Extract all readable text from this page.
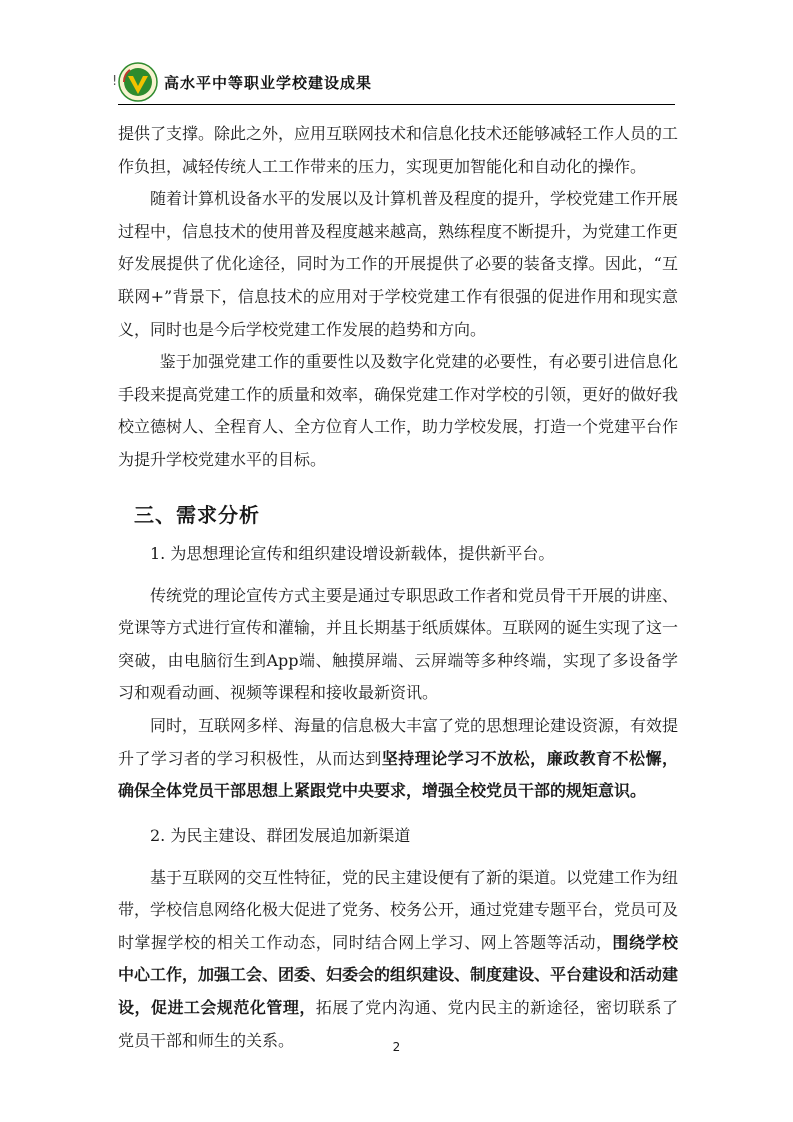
!	高水平中等职业学校建设成果

提供了支撑。除此之外，应用互联网技术和信息化技术还能够减轻工作人员的工作负担，减轻传统人工工作带来的压力，实现更加智能化和自动化的操作。

随着计算机设备水平的发展以及计算机普及程度的提升，学校党建工作开展过程中，信息技术的使用普及程度越来越高，熟练程度不断提升，为党建工作更好发展提供了优化途径，同时为工作的开展提供了必要的装备支撑。因此，“互联网+”背景下，信息技术的应用对于学校党建工作有很强的促进作用和现实意义，同时也是今后学校党建工作发展的趋势和方向。

鉴于加强党建工作的重要性以及数字化党建的必要性，有必要引进信息化手段来提高党建工作的质量和效率，确保党建工作对学校的引领，更好的做好我校立德树人、全程育人、全方位育人工作，助力学校发展，打造一个党建平台作为提升学校党建水平的目标。

三、需求分析

1. 为思想理论宣传和组织建设增设新载体，提供新平台。

传统党的理论宣传方式主要是通过专职思政工作者和党员骨干开展的讲座、党课等方式进行宣传和灌输，并且长期基于纸质媒体。互联网的诞生实现了这一突破，由电脑衍生到App端、触摸屏端、云屏端等多种终端，实现了多设备学习和观看动画、视频等课程和接收最新资讯。

同时，互联网多样、海量的信息极大丰富了党的思想理论建设资源，有效提升了学习者的学习积极性，从而达到坚持理论学习不放松，廉政教育不松懈，确保全体党员干部思想上紧跟党中央要求，增强全校党员干部的规矩意识。

2. 为民主建设、群团发展追加新渠道

基于互联网的交互性特征，党的民主建设便有了新的渠道。以党建工作为纽带，学校信息网络化极大促进了党务、校务公开，通过党建专题平台，党员可及时掌握学校的相关工作动态，同时结合网上学习、网上答题等活动，围绕学校中心工作，加强工会、团委、妇委会的组织建设、制度建设、平台建设和活动建设，促进工会规范化管理，拓展了党内沟通、党内民主的新途径，密切联系了党员干部和师生的关系。	2
